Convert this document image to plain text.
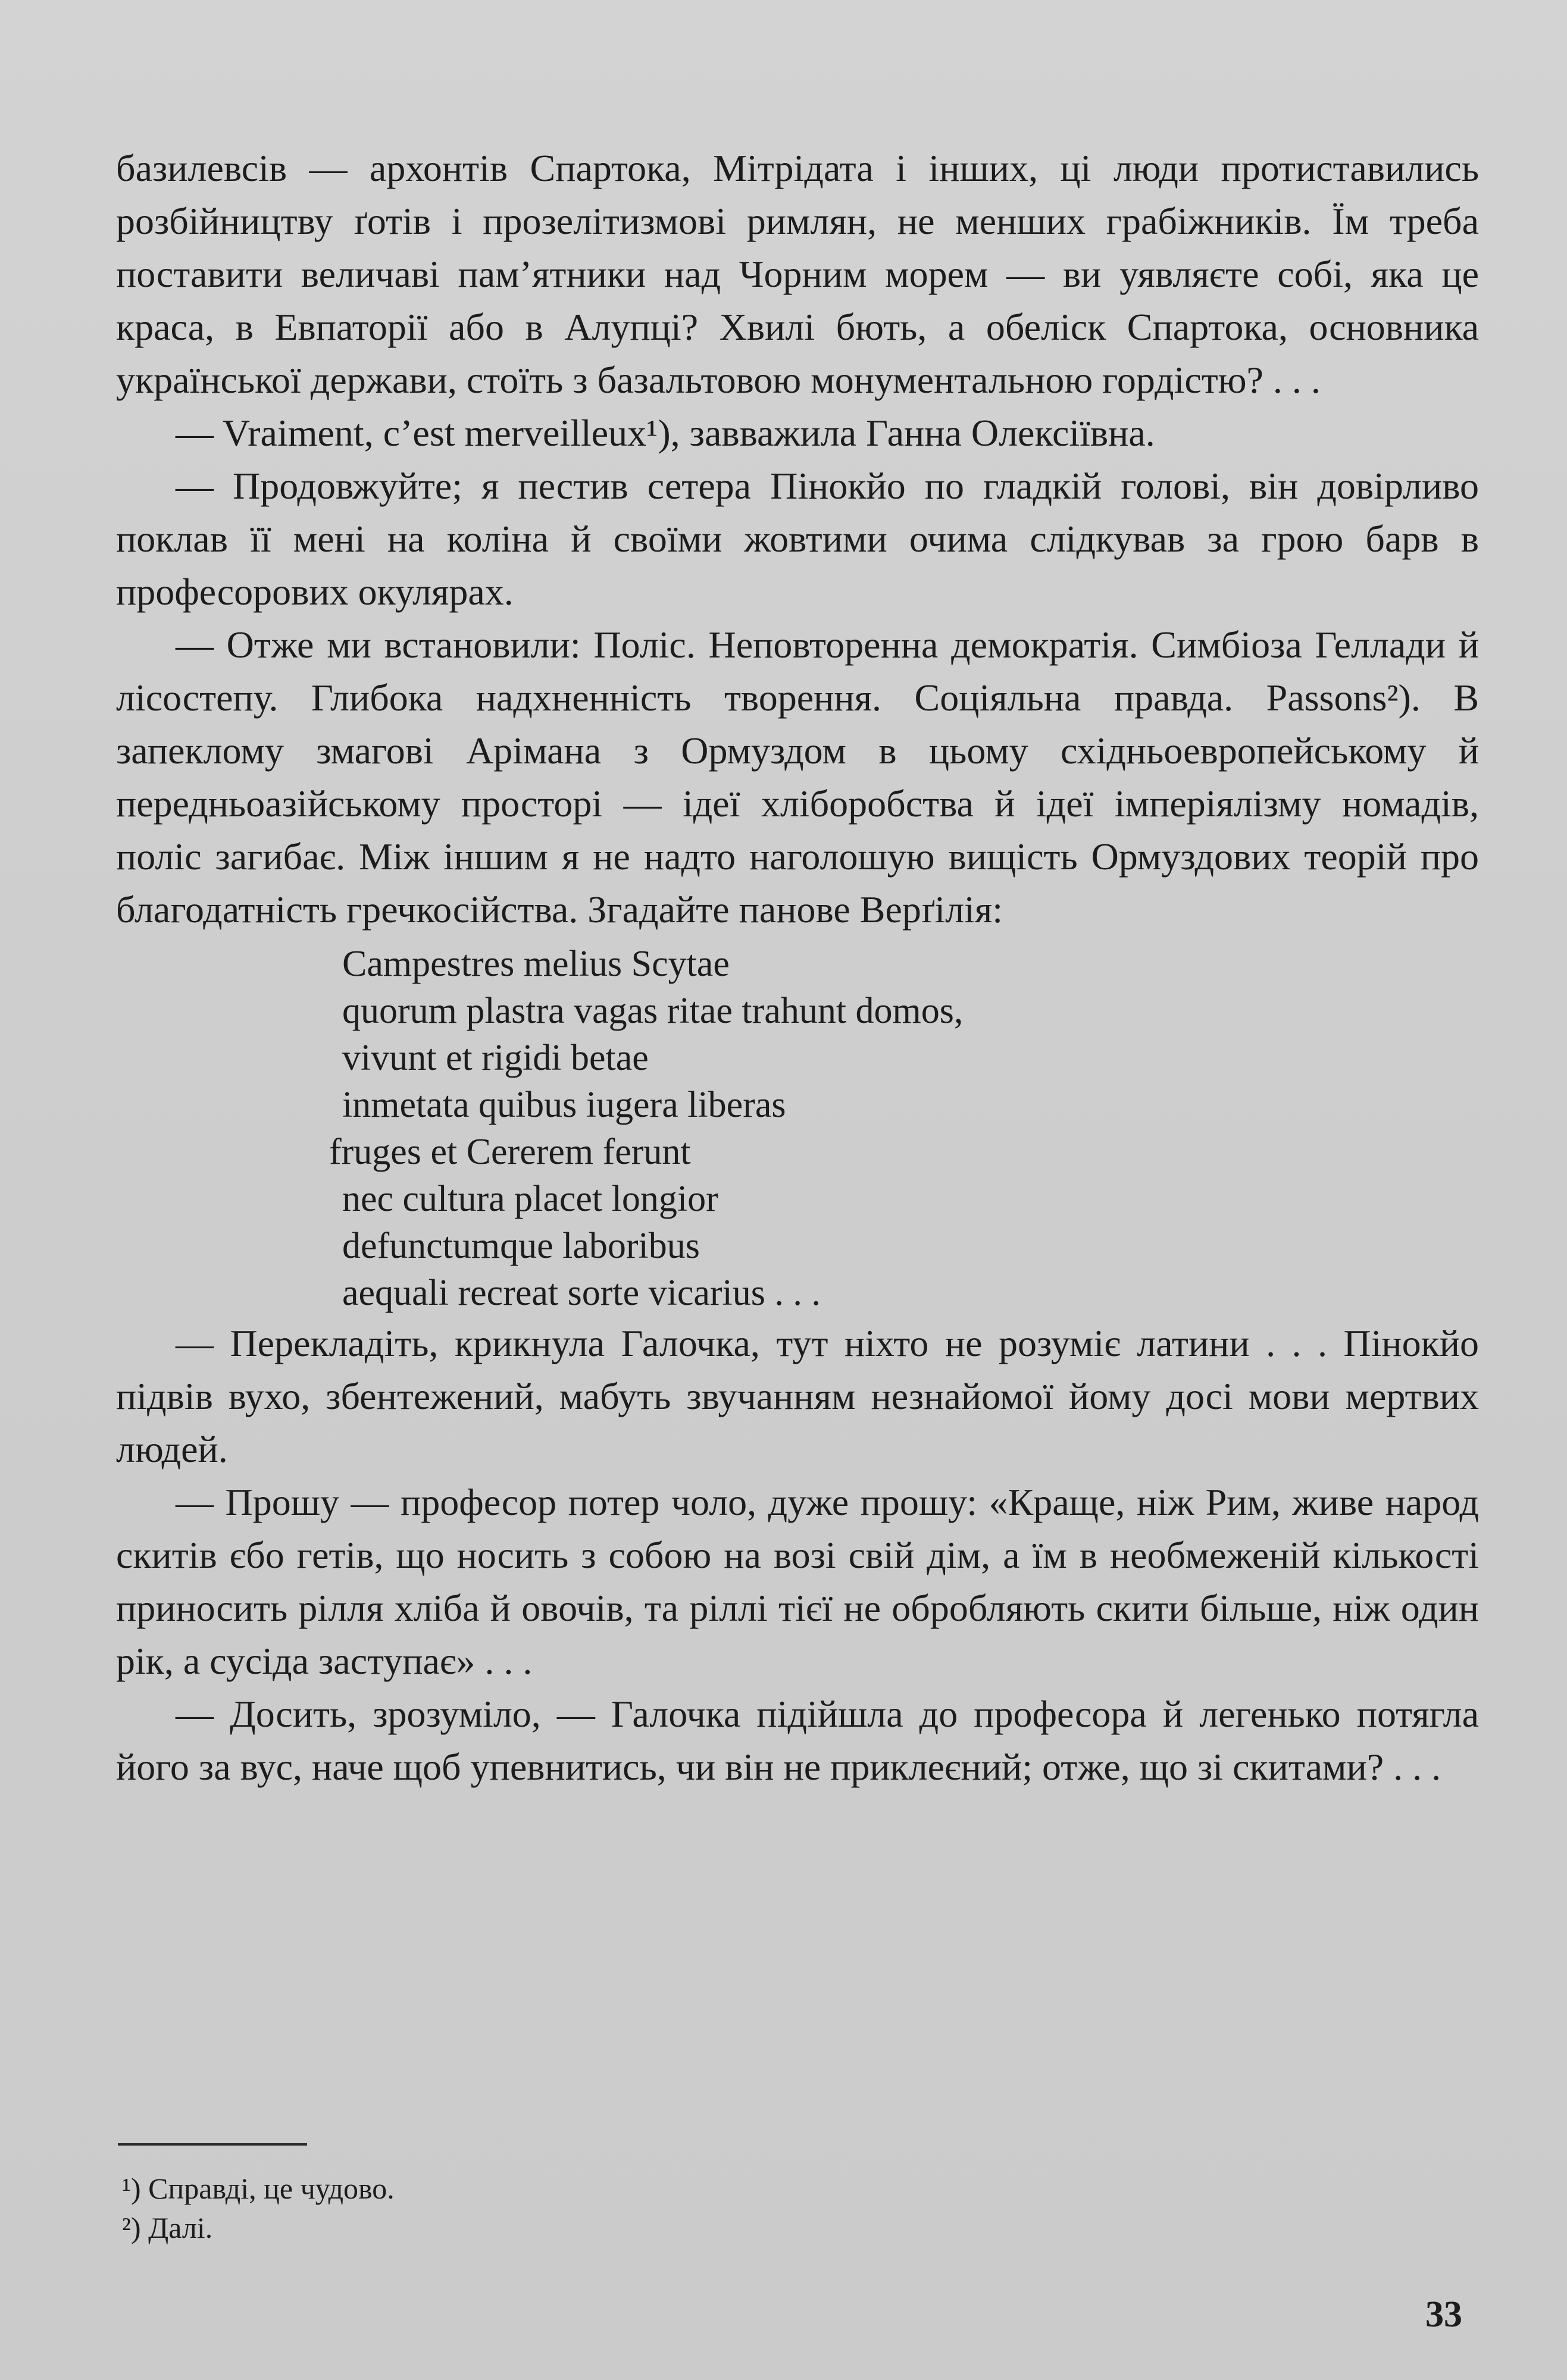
базилевсів — архонтів Спартока, Мітрідата і інших, ці люди протиставились розбійництву ґотів і прозелітизмові римлян, не менших грабіжників. Їм треба поставити величаві пам’ятники над Чорним морем — ви уявляєте собі, яка це краса, в Евпаторії або в Алупці? Хвилі бють, а обеліск Спартока, основника української держави, стоїть з базальтовою монументальною гордістю? . . .

— Vraiment, c’est merveilleux¹), завважила Ганна Олексіївна.

— Продовжуйте; я пестив сетера Пінокйо по гладкій голові, він довірливо поклав її мені на коліна й своїми жовтими очима слідкував за грою барв в професорових окулярах.

— Отже ми встановили: Поліс. Неповторенна демократія. Симбіоза Геллади й лісостепу. Глибока надхненність творення. Соціяльна правда. Passons²). В запеклому змагові Арімана з Ормуздом в цьому східньоевропейському й передньоазійському просторі — ідеї хліборобства й ідеї імперіялізму номадів, поліс загибає. Між іншим я не надто наголошую вищість Ормуздових теорій про благодатність гречкосійства. Згадайте панове Верґілія:

Campestres melius Scytae
quorum plastra vagas ritae trahunt domos,
vivunt et rigidi betae
inmetata quibus iugera liberas
fruges et Cererem ferunt
nec cultura placet longior
defunctumque laboribus
aequali recreat sorte vicarius . . .

— Перекладіть, крикнула Галочка, тут ніхто не розуміє латини . . . Пінокйо підвів вухо, збентежений, мабуть звучанням незнайомої йому досі мови мертвих людей.

— Прошу — професор потер чоло, дуже прошу: «Краще, ніж Рим, живе народ скитів єбо гетів, що носить з собою на возі свій дім, а їм в необмеженій кількості приносить рілля хліба й овочів, та ріллі тієї не обробляють скити більше, ніж один рік, а сусіда заступає» . . .

— Досить, зрозуміло, — Галочка підійшла до професора й легенько потягла його за вус, наче щоб упевнитись, чи він не приклеєний; отже, що зі скитами? . . .

¹) Справді, це чудово.
²) Далі.
33
